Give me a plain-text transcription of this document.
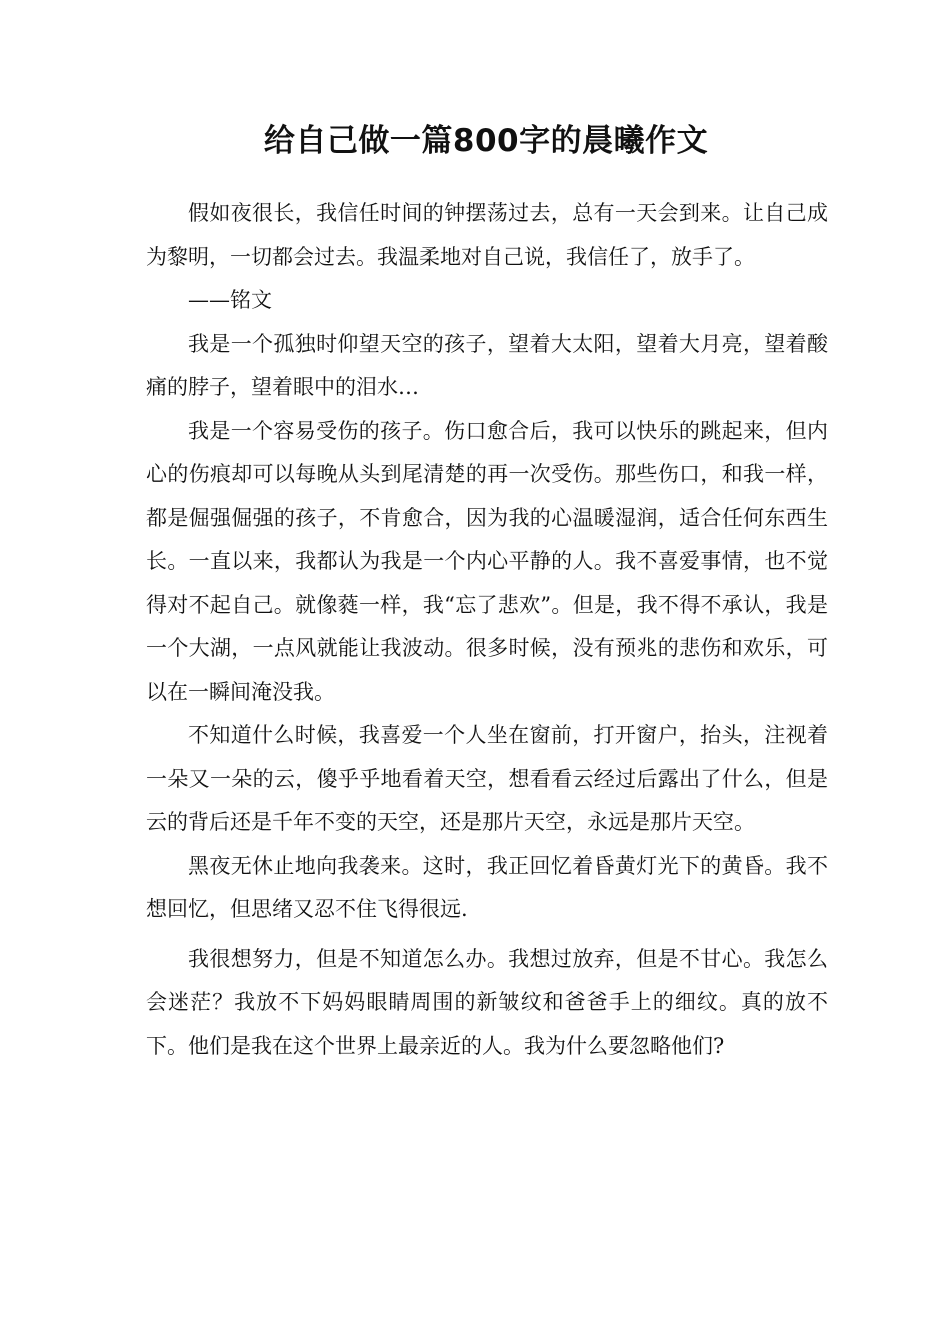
给自己做一篇800字的晨曦作文

假如夜很长，我信任时间的钟摆荡过去，总有一天会到来。让自己成为黎明，一切都会过去。我温柔地对自己说，我信任了，放手了。

——铭文

我是一个孤独时仰望天空的孩子，望着大太阳，望着大月亮，望着酸痛的脖子，望着眼中的泪水…

我是一个容易受伤的孩子。伤口愈合后，我可以快乐的跳起来，但内心的伤痕却可以每晚从头到尾清楚的再一次受伤。那些伤口，和我一样，都是倔强倔强的孩子，不肯愈合，因为我的心温暖湿润，适合任何东西生长。一直以来，我都认为我是一个内心平静的人。我不喜爱事情，也不觉得对不起自己。就像蕤一样，我“忘了悲欢”。但是，我不得不承认，我是一个大湖，一点风就能让我波动。很多时候，没有预兆的悲伤和欢乐，可以在一瞬间淹没我。

不知道什么时候，我喜爱一个人坐在窗前，打开窗户，抬头，注视着一朵又一朵的云，傻乎乎地看着天空，想看看云经过后露出了什么，但是云的背后还是千年不变的天空，还是那片天空，永远是那片天空。

黑夜无休止地向我袭来。这时，我正回忆着昏黄灯光下的黄昏。我不想回忆，但思绪又忍不住飞得很远.

我很想努力，但是不知道怎么办。我想过放弃，但是不甘心。我怎么会迷茫？我放不下妈妈眼睛周围的新皱纹和爸爸手上的细纹。真的放不下。他们是我在这个世界上最亲近的人。我为什么要忽略他们?
